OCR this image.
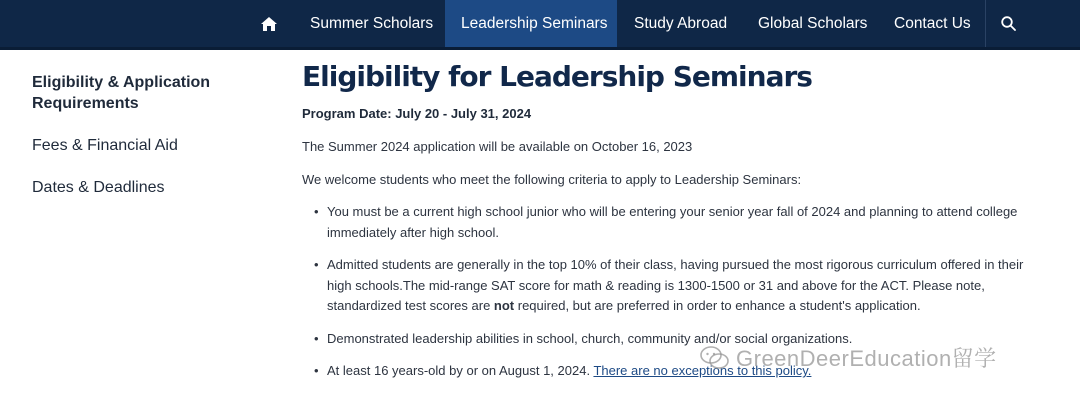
Summer Scholars	Leadership Seminars	Study Abroad	Global Scholars	Contact Us
Eligibility & Application Requirements
Fees & Financial Aid
Dates & Deadlines
Eligibility for Leadership Seminars
Program Date: July 20 - July 31, 2024
The Summer 2024 application will be available on October 16, 2023
We welcome students who meet the following criteria to apply to Leadership Seminars:
• You must be a current high school junior who will be entering your senior year fall of 2024 and planning to attend college immediately after high school.
• Admitted students are generally in the top 10% of their class, having pursued the most rigorous curriculum offered in their high schools.The mid-range SAT score for math & reading is 1300-1500 or 31 and above for the ACT. Please note, standardized test scores are not required, but are preferred in order to enhance a student's application.
• Demonstrated leadership abilities in school, church, community and/or social organizations.
• At least 16 years-old by or on August 1, 2024. There are no exceptions to this policy.
GreenDeerEducation留学
